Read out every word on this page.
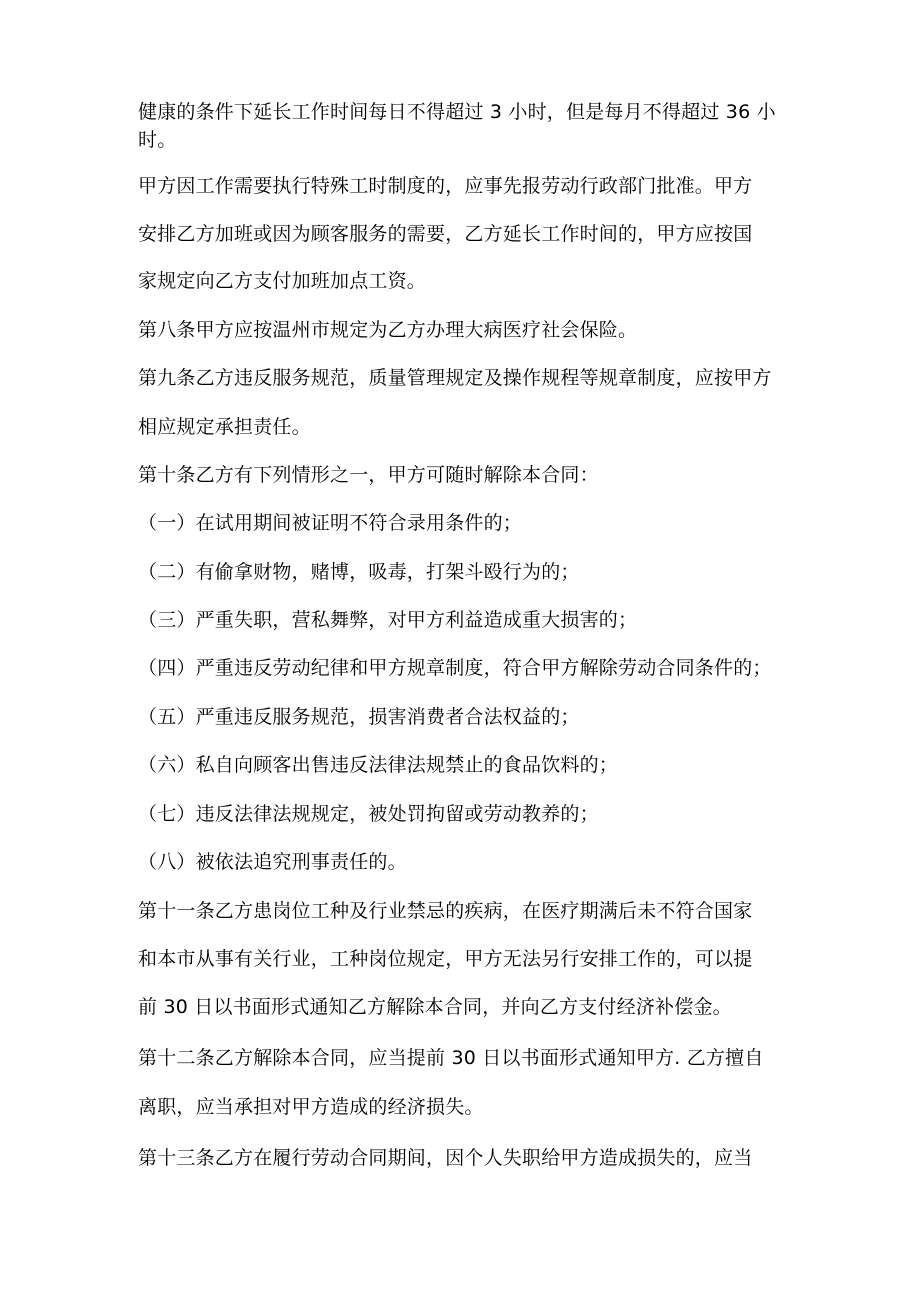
健康的条件下延长工作时间每日不得超过 3 小时，但是每月不得超过 36 小
时。
甲方因工作需要执行特殊工时制度的，应事先报劳动行政部门批准。甲方
安排乙方加班或因为顾客服务的需要，乙方延长工作时间的，甲方应按国
家规定向乙方支付加班加点工资。
第八条甲方应按温州市规定为乙方办理大病医疗社会保险。
第九条乙方违反服务规范，质量管理规定及操作规程等规章制度，应按甲方
相应规定承担责任。
第十条乙方有下列情形之一，甲方可随时解除本合同：
（一）在试用期间被证明不符合录用条件的；
（二）有偷拿财物，赌博，吸毒，打架斗殴行为的；
（三）严重失职，营私舞弊，对甲方利益造成重大损害的；
（四）严重违反劳动纪律和甲方规章制度，符合甲方解除劳动合同条件的；
（五）严重违反服务规范，损害消费者合法权益的；
（六）私自向顾客出售违反法律法规禁止的食品饮料的；
（七）违反法律法规规定，被处罚拘留或劳动教养的；
（八）被依法追究刑事责任的。
第十一条乙方患岗位工种及行业禁忌的疾病，在医疗期满后未不符合国家
和本市从事有关行业，工种岗位规定，甲方无法另行安排工作的，可以提
前 30 日以书面形式通知乙方解除本合同，并向乙方支付经济补偿金。
第十二条乙方解除本合同，应当提前 30 日以书面形式通知甲方. 乙方擅自
离职，应当承担对甲方造成的经济损失。
第十三条乙方在履行劳动合同期间，因个人失职给甲方造成损失的，应当
